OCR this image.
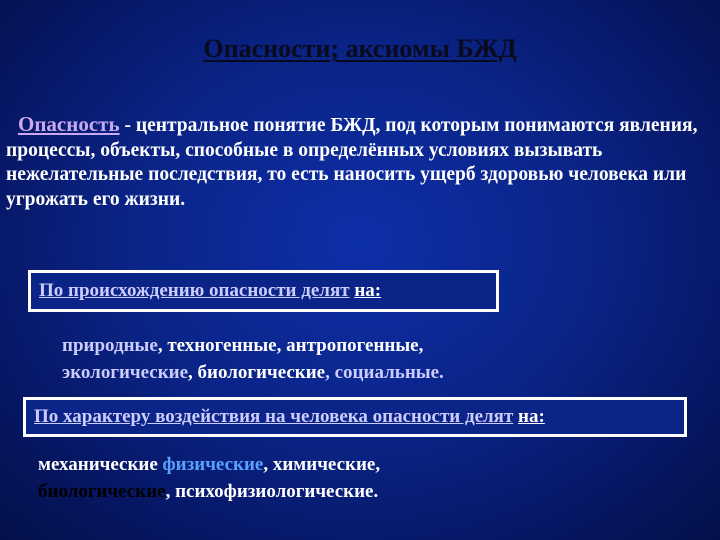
Опасности; аксиомы БЖД

Опасность - центральное понятие БЖД, под которым понимаются явления, процессы, объекты, способные в определённых условиях вызывать нежелательные последствия, то есть наносить ущерб здоровью человека или угрожать его жизни.

По происхождению опасности делят на:
природные, техногенные, антропогенные,
экологические, биологические, социальные.
По характеру воздействия на человека опасности делят на:
механические физические, химические,
биологические, психофизиологические.
